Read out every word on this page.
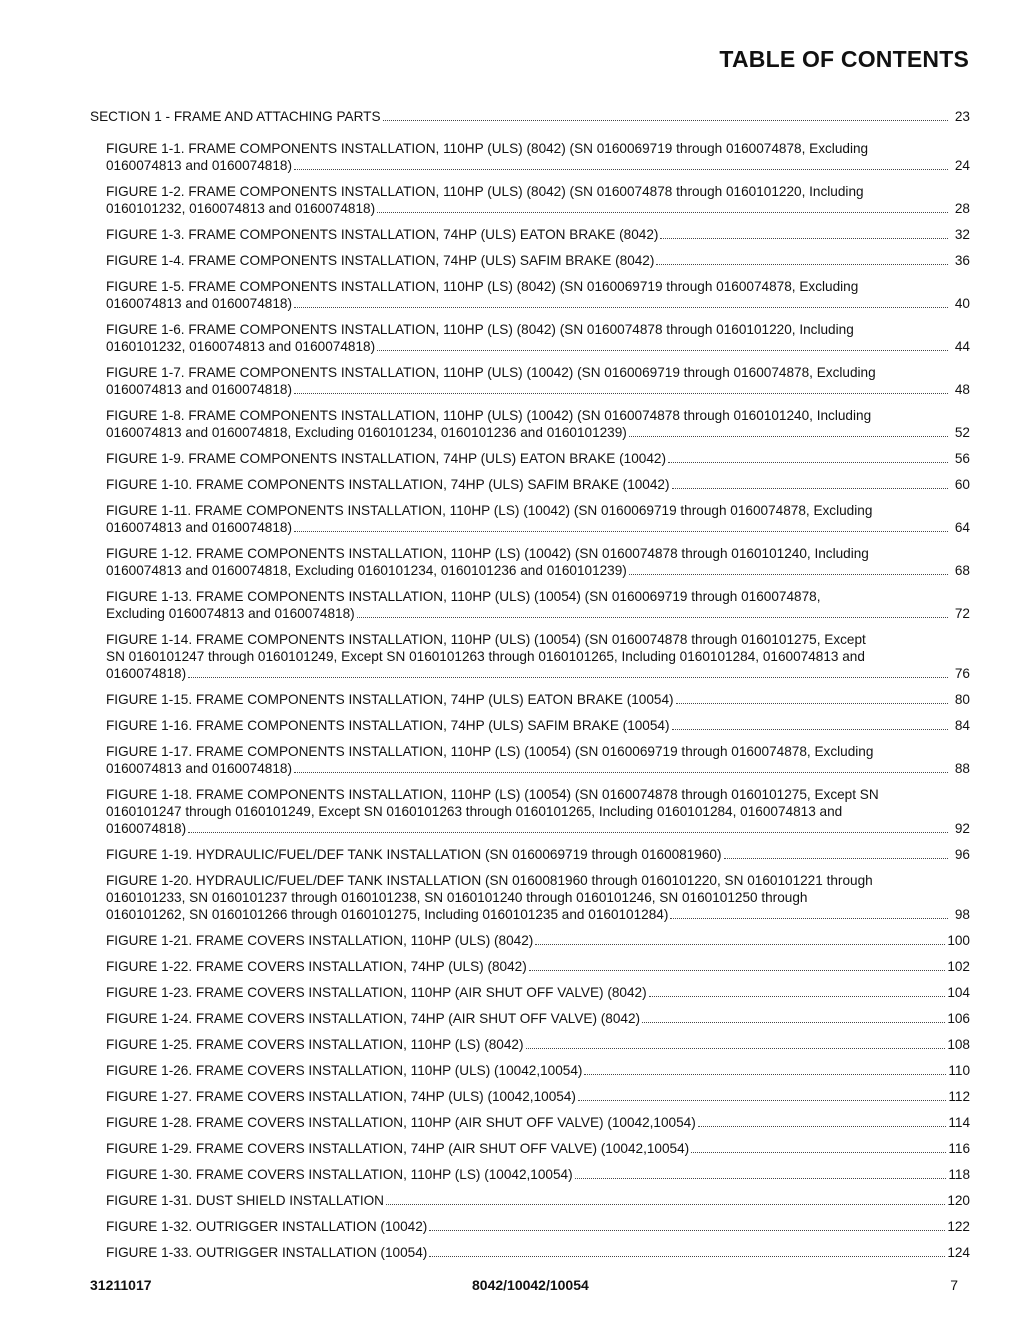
TABLE OF CONTENTS
SECTION 1 - FRAME AND ATTACHING PARTS	23
FIGURE 1-1. FRAME COMPONENTS INSTALLATION, 110HP (ULS) (8042) (SN 0160069719 through 0160074878, Excluding
0160074813 and 0160074818)	24
FIGURE 1-2. FRAME COMPONENTS INSTALLATION, 110HP (ULS) (8042) (SN 0160074878 through 0160101220, Including
0160101232, 0160074813 and 0160074818)	28
FIGURE 1-3. FRAME COMPONENTS INSTALLATION, 74HP (ULS) EATON BRAKE (8042)	32
FIGURE 1-4. FRAME COMPONENTS INSTALLATION, 74HP (ULS) SAFIM BRAKE (8042)	36
FIGURE 1-5. FRAME COMPONENTS INSTALLATION, 110HP (LS) (8042) (SN 0160069719 through 0160074878, Excluding
0160074813 and 0160074818)	40
FIGURE 1-6. FRAME COMPONENTS INSTALLATION, 110HP (LS) (8042) (SN 0160074878 through 0160101220, Including
0160101232, 0160074813 and 0160074818)	44
FIGURE 1-7. FRAME COMPONENTS INSTALLATION, 110HP (ULS) (10042) (SN 0160069719 through 0160074878, Excluding
0160074813 and 0160074818)	48
FIGURE 1-8. FRAME COMPONENTS INSTALLATION, 110HP (ULS) (10042) (SN 0160074878 through 0160101240, Including
0160074813 and 0160074818, Excluding 0160101234, 0160101236 and 0160101239)	52
FIGURE 1-9. FRAME COMPONENTS INSTALLATION, 74HP (ULS) EATON BRAKE (10042)	56
FIGURE 1-10. FRAME COMPONENTS INSTALLATION, 74HP (ULS) SAFIM BRAKE (10042)	60
FIGURE 1-11. FRAME COMPONENTS INSTALLATION, 110HP (LS) (10042) (SN 0160069719 through 0160074878, Excluding
0160074813 and 0160074818)	64
FIGURE 1-12. FRAME COMPONENTS INSTALLATION, 110HP (LS) (10042) (SN 0160074878 through 0160101240, Including
0160074813 and 0160074818, Excluding 0160101234, 0160101236 and 0160101239)	68
FIGURE 1-13. FRAME COMPONENTS INSTALLATION, 110HP (ULS) (10054) (SN 0160069719 through 0160074878,
Excluding 0160074813 and 0160074818)	72
FIGURE 1-14. FRAME COMPONENTS INSTALLATION, 110HP (ULS) (10054) (SN 0160074878 through 0160101275, Except
SN 0160101247 through 0160101249, Except SN 0160101263 through 0160101265, Including 0160101284, 0160074813 and
0160074818)	76
FIGURE 1-15. FRAME COMPONENTS INSTALLATION, 74HP (ULS) EATON BRAKE (10054)	80
FIGURE 1-16. FRAME COMPONENTS INSTALLATION, 74HP (ULS) SAFIM BRAKE (10054)	84
FIGURE 1-17. FRAME COMPONENTS INSTALLATION, 110HP (LS) (10054) (SN 0160069719 through 0160074878, Excluding
0160074813 and 0160074818)	88
FIGURE 1-18. FRAME COMPONENTS INSTALLATION, 110HP (LS) (10054) (SN 0160074878 through 0160101275, Except SN
0160101247 through 0160101249, Except SN 0160101263 through 0160101265, Including 0160101284, 0160074813 and
0160074818)	92
FIGURE 1-19. HYDRAULIC/FUEL/DEF TANK INSTALLATION (SN 0160069719 through 0160081960)	96
FIGURE 1-20. HYDRAULIC/FUEL/DEF TANK INSTALLATION (SN 0160081960 through 0160101220, SN 0160101221 through
0160101233, SN 0160101237 through 0160101238, SN 0160101240 through 0160101246, SN 0160101250 through
0160101262, SN 0160101266 through 0160101275, Including 0160101235 and 0160101284)	98
FIGURE 1-21. FRAME COVERS INSTALLATION, 110HP (ULS) (8042)	100
FIGURE 1-22. FRAME COVERS INSTALLATION, 74HP (ULS) (8042)	102
FIGURE 1-23. FRAME COVERS INSTALLATION, 110HP (AIR SHUT OFF VALVE) (8042)	104
FIGURE 1-24. FRAME COVERS INSTALLATION, 74HP (AIR SHUT OFF VALVE) (8042)	106
FIGURE 1-25. FRAME COVERS INSTALLATION, 110HP (LS) (8042)	108
FIGURE 1-26. FRAME COVERS INSTALLATION, 110HP (ULS) (10042,10054)	110
FIGURE 1-27. FRAME COVERS INSTALLATION, 74HP (ULS) (10042,10054)	112
FIGURE 1-28. FRAME COVERS INSTALLATION, 110HP (AIR SHUT OFF VALVE) (10042,10054)	114
FIGURE 1-29. FRAME COVERS INSTALLATION, 74HP (AIR SHUT OFF VALVE) (10042,10054)	116
FIGURE 1-30. FRAME COVERS INSTALLATION, 110HP (LS) (10042,10054)	118
FIGURE 1-31. DUST SHIELD INSTALLATION	120
FIGURE 1-32. OUTRIGGER INSTALLATION (10042)	122
FIGURE 1-33. OUTRIGGER INSTALLATION (10054)	124
31211017	8042/10042/10054	7
